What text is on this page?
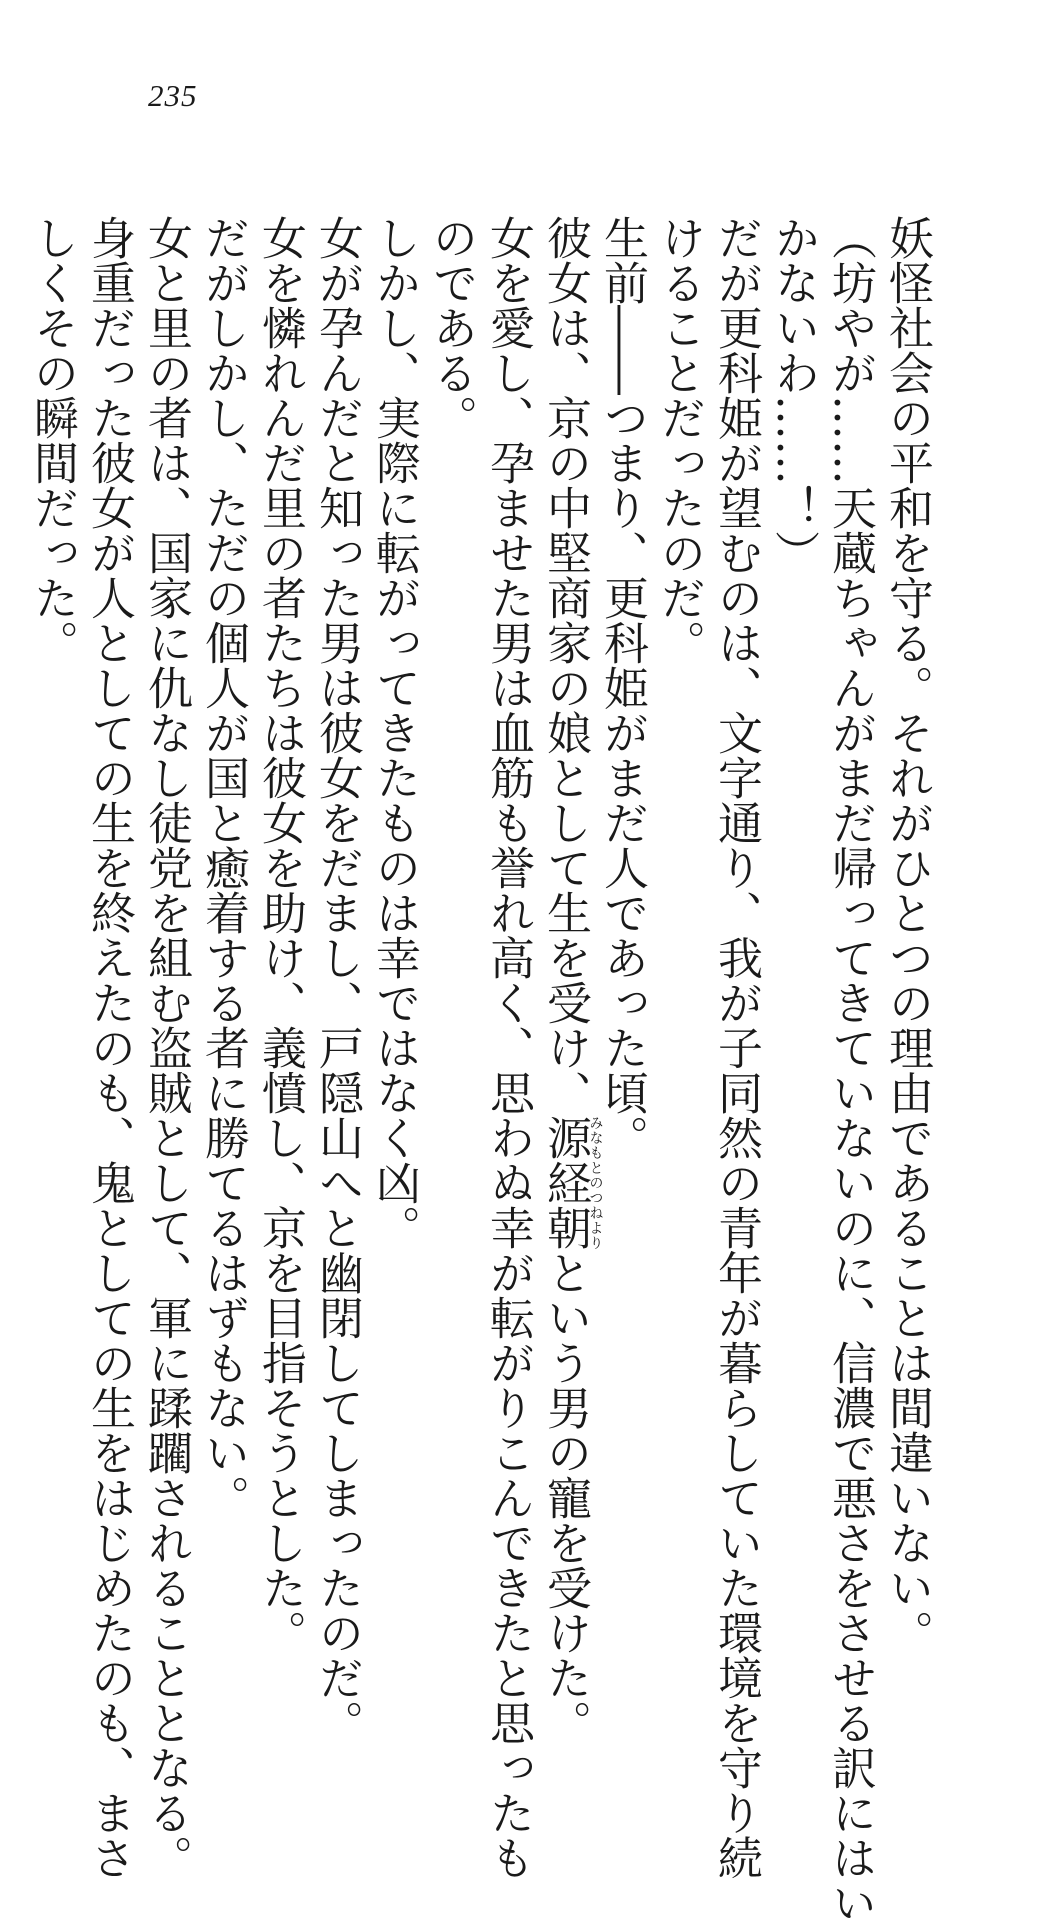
235
妖怪社会の平和を守る。それがひとつの理由であることは間違いない。
（坊やが……天蔵ちゃんがまだ帰ってきていないのに、信濃で悪さをさせる訳にはい
かないわ……！）
だが更科姫が望むのは、文字通り、我が子同然の青年が暮らしていた環境を守り続
けることだったのだ。
生前――つまり、更科姫がまだ人であった頃。
彼女は、京の中堅商家の娘として生を受け、源経朝みなもとのつねよりという男の寵を受けた。
女を愛し、孕ませた男は血筋も誉れ高く、思わぬ幸が転がりこんできたと思ったも
のである。
しかし、実際に転がってきたものは幸ではなく凶。
女が孕んだと知った男は彼女をだまし、戸隠山へと幽閉してしまったのだ。
女を憐れんだ里の者たちは彼女を助け、義憤し、京を目指そうとした。
だがしかし、ただの個人が国と癒着する者に勝てるはずもない。
女と里の者は、国家に仇なし徒党を組む盗賊として、軍に蹂躙されることとなる。
身重だった彼女が人としての生を終えたのも、鬼としての生をはじめたのも、まさ
しくその瞬間だった。
